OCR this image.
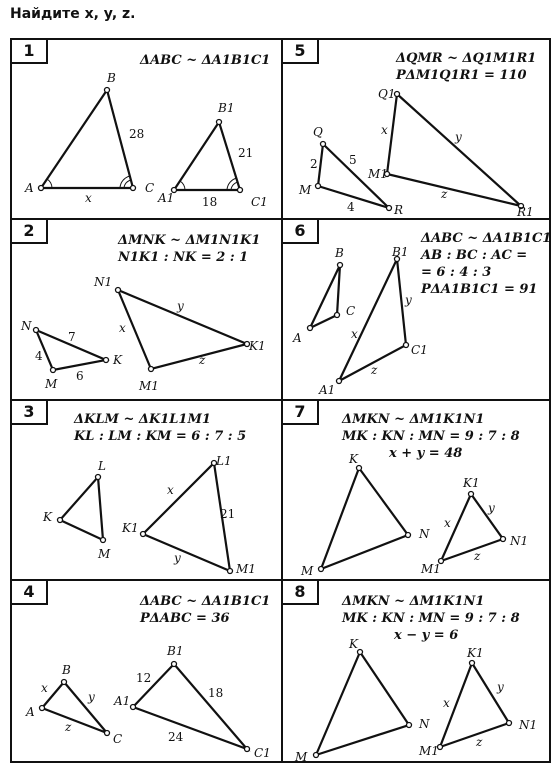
Найдите x, y, z.
1
ΔABC ~ ΔA1B1C1
A
B
C
x
28
A1
B1
C1
21
18
5	ΔQMR ~ ΔQ1M1R1
PΔM1Q1R1 = 110
Q
M
R
2	5
4
Q1
M1
R1
x	y
z
2
ΔMNK ~ ΔM1N1K1
N1K1 : NK = 2 : 1
N
M
K
7
4
6
N1
M1
K1
y
x
z
6	ΔABC ~ ΔA1B1C1
AB : BC : AC =
= 6 : 4 : 3
PΔA1B1C1 = 91
A
B
C
A1
B1
C1
x
y
z
3	ΔKLM ~ ΔK1L1M1
KL : LM : KM = 6 : 7 : 5
K
L
M
K1
L1
M1
x
21
y
7	ΔMKN ~ ΔM1K1N1
MK : KN : MN = 9 : 7 : 8
x + y = 48
M
K
N
M1
K1
N1
x
y
z
4
ΔABC ~ ΔA1B1C1
PΔABC = 36
A
B
C
x
y
z
A1
B1
C1
12
18
24
8
ΔMKN ~ ΔM1K1N1
MK : KN : MN = 9 : 7 : 8
x − y = 6
M
K
N
M1
K1
N1
x
y
z
